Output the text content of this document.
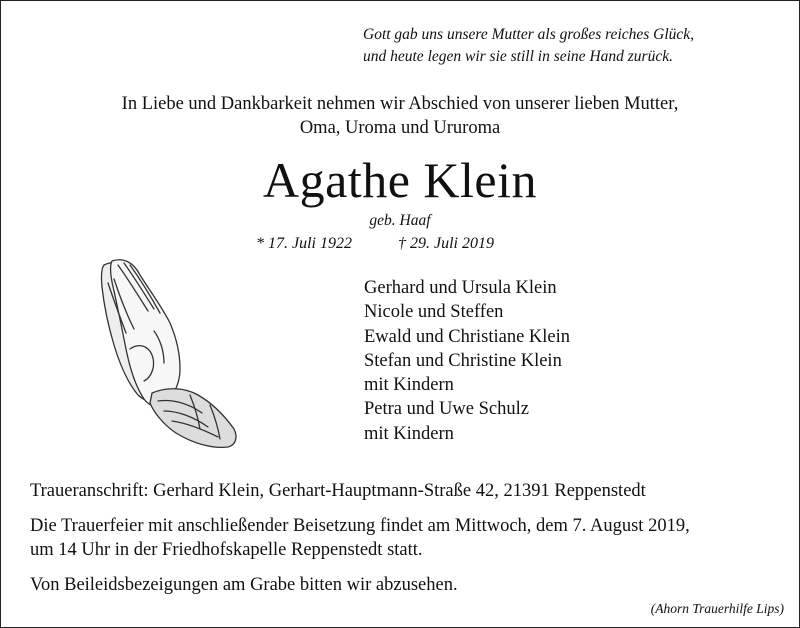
Gott gab uns unsere Mutter als großes reiches Glück,
und heute legen wir sie still in seine Hand zurück.
In Liebe und Dankbarkeit nehmen wir Abschied von unserer lieben Mutter,
Oma, Uroma und Ururoma
Agathe Klein
geb. Haaf
* 17. Juli 1922	† 29. Juli 2019
Gerhard und Ursula Klein
Nicole und Steffen
Ewald und Christiane Klein
Stefan und Christine Klein
mit Kindern
Petra und Uwe Schulz
mit Kindern
Traueranschrift: Gerhard Klein, Gerhart-Hauptmann-Straße 42, 21391 Reppenstedt
Die Trauerfeier mit anschließender Beisetzung findet am Mittwoch, dem 7. August 2019,
um 14 Uhr in der Friedhofskapelle Reppenstedt statt.
Von Beileidsbezeigungen am Grabe bitten wir abzusehen.
(Ahorn Trauerhilfe Lips)
